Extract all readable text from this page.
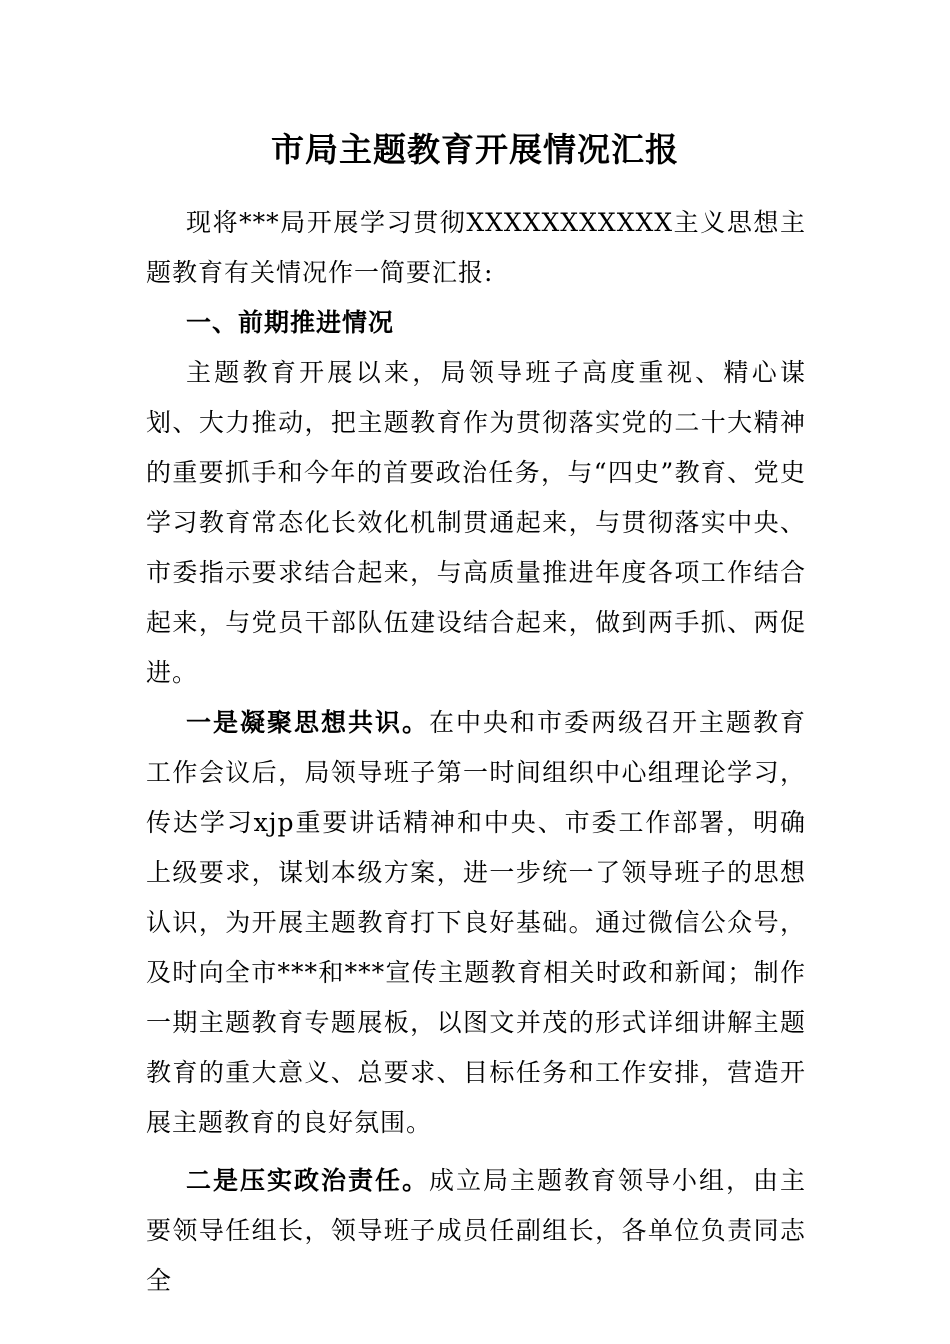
市局主题教育开展情况汇报

现将***局开展学习贯彻XXXXXXXXXXX主义思想主题教育有关情况作一简要汇报:

一、前期推进情况

主题教育开展以来，局领导班子高度重视、精心谋划、大力推动，把主题教育作为贯彻落实党的二十大精神的重要抓手和今年的首要政治任务，与“四史”教育、党史学习教育常态化长效化机制贯通起来，与贯彻落实中央、市委指示要求结合起来，与高质量推进年度各项工作结合起来，与党员干部队伍建设结合起来，做到两手抓、两促进。

一是凝聚思想共识。在中央和市委两级召开主题教育工作会议后，局领导班子第一时间组织中心组理论学习，传达学习xjp重要讲话精神和中央、市委工作部署，明确上级要求，谋划本级方案，进一步统一了领导班子的思想认识，为开展主题教育打下良好基础。通过微信公众号，及时向全市***和***宣传主题教育相关时政和新闻；制作一期主题教育专题展板，以图文并茂的形式详细讲解主题教育的重大意义、总要求、目标任务和工作安排，营造开展主题教育的良好氛围。

二是压实政治责任。成立局主题教育领导小组，由主要领导任组长，领导班子成员任副组长，各单位负责同志全
